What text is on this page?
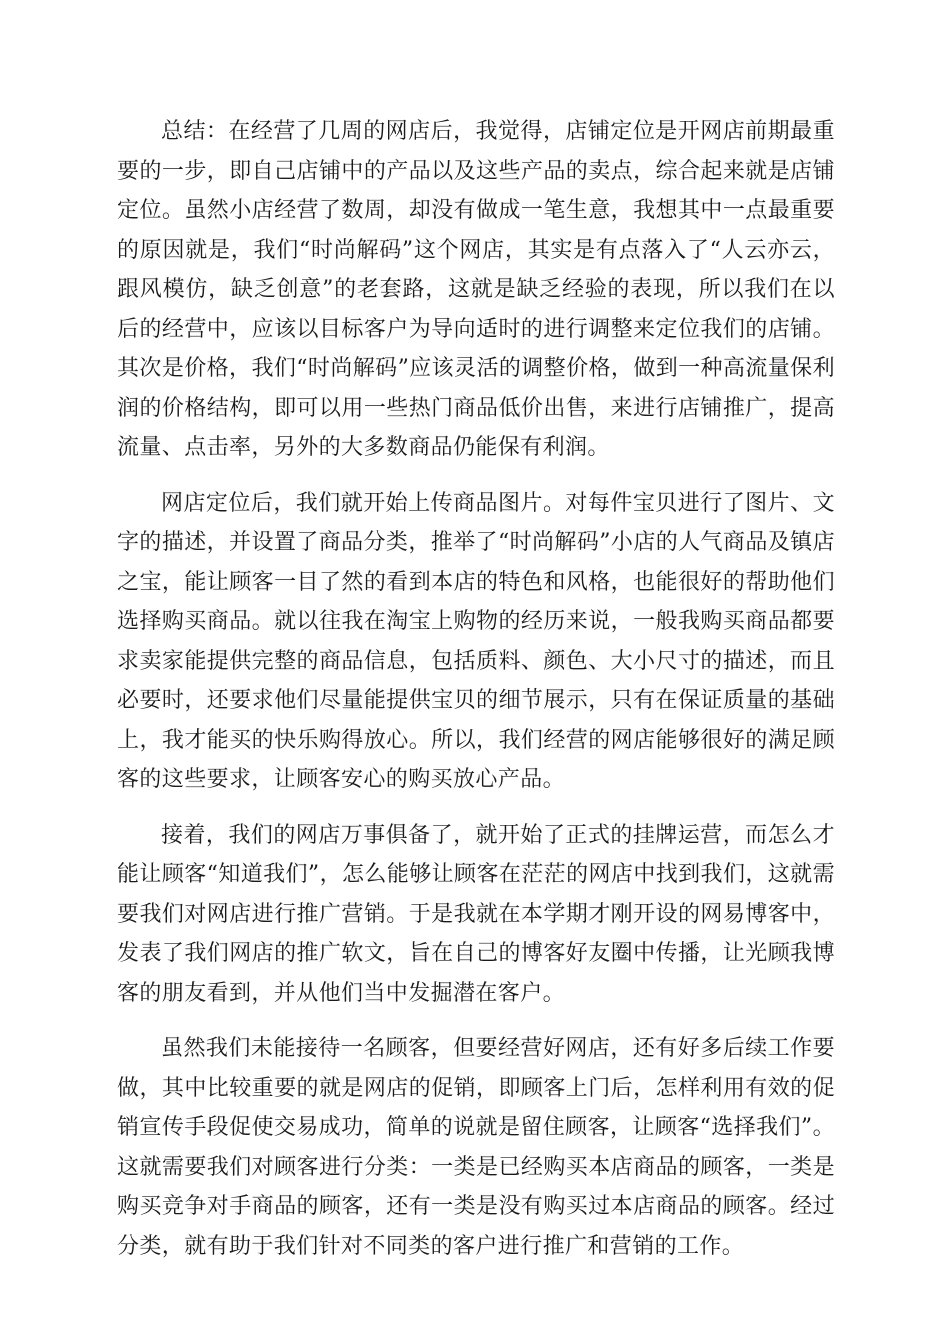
总结：在经营了几周的网店后，我觉得，店铺定位是开网店前期最重要的一步，即自己店铺中的产品以及这些产品的卖点，综合起来就是店铺定位。虽然小店经营了数周，却没有做成一笔生意，我想其中一点最重要的原因就是，我们“时尚解码”这个网店，其实是有点落入了“人云亦云，跟风模仿，缺乏创意”的老套路，这就是缺乏经验的表现，所以我们在以后的经营中，应该以目标客户为导向适时的进行调整来定位我们的店铺。其次是价格，我们“时尚解码”应该灵活的调整价格，做到一种高流量保利润的价格结构，即可以用一些热门商品低价出售，来进行店铺推广，提高流量、点击率，另外的大多数商品仍能保有利润。

网店定位后，我们就开始上传商品图片。对每件宝贝进行了图片、文字的描述，并设置了商品分类，推举了“时尚解码”小店的人气商品及镇店之宝，能让顾客一目了然的看到本店的特色和风格，也能很好的帮助他们选择购买商品。就以往我在淘宝上购物的经历来说，一般我购买商品都要求卖家能提供完整的商品信息，包括质料、颜色、大小尺寸的描述，而且必要时，还要求他们尽量能提供宝贝的细节展示，只有在保证质量的基础上，我才能买的快乐购得放心。所以，我们经营的网店能够很好的满足顾客的这些要求，让顾客安心的购买放心产品。

接着，我们的网店万事俱备了，就开始了正式的挂牌运营，而怎么才能让顾客“知道我们”，怎么能够让顾客在茫茫的网店中找到我们，这就需要我们对网店进行推广营销。于是我就在本学期才刚开设的网易博客中，发表了我们网店的推广软文，旨在自己的博客好友圈中传播，让光顾我博客的朋友看到，并从他们当中发掘潜在客户。

虽然我们未能接待一名顾客，但要经营好网店，还有好多后续工作要做，其中比较重要的就是网店的促销，即顾客上门后，怎样利用有效的促销宣传手段促使交易成功，简单的说就是留住顾客，让顾客“选择我们”。这就需要我们对顾客进行分类：一类是已经购买本店商品的顾客，一类是购买竞争对手商品的顾客，还有一类是没有购买过本店商品的顾客。经过分类，就有助于我们针对不同类的客户进行推广和营销的工作。
